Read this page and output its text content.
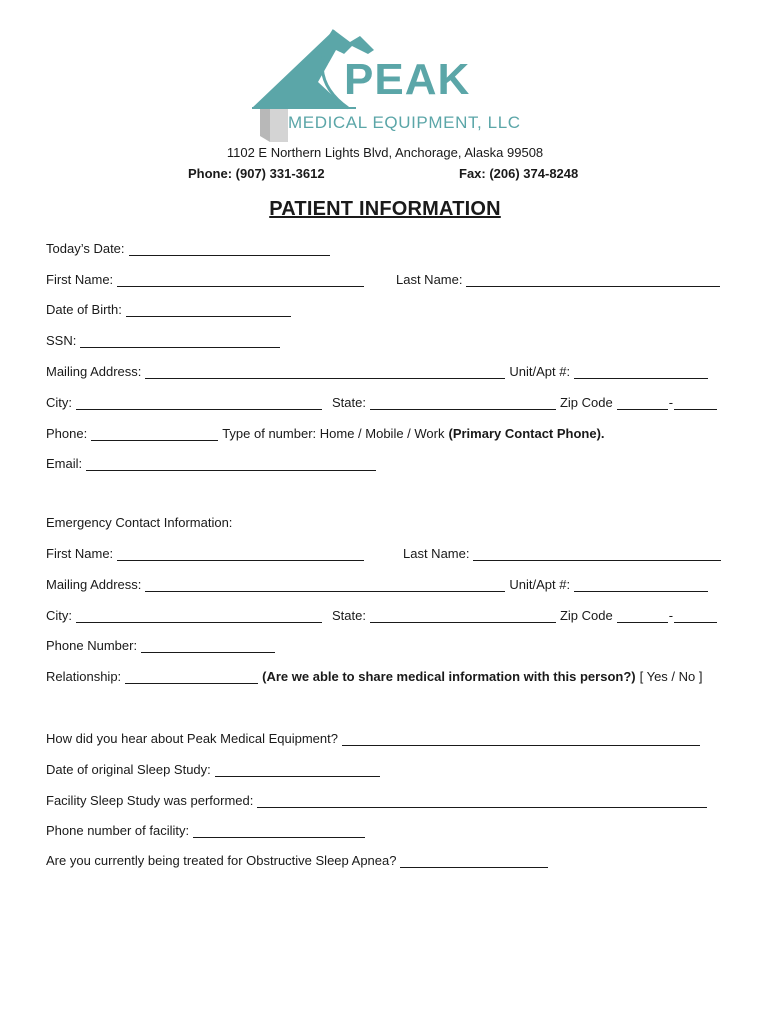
PEAK
MEDICAL EQUIPMENT, LLC
1102 E Northern Lights Blvd, Anchorage, Alaska 99508
Phone: (907) 331-3612	Fax: (206) 374-8248
PATIENT INFORMATION
Today’s Date:
First Name:	Last Name:
Date of Birth:
SSN:
Mailing Address:	Unit/Apt #:
City:	State:	Zip Code	-
Phone:	Type of number: Home / Mobile / Work (Primary Contact Phone).
Email:
Emergency Contact Information:
First Name:	Last Name:
Mailing Address:	Unit/Apt #:
City:	State:	Zip Code	-
Phone Number:
Relationship:	(Are we able to share medical information with this person?) [ Yes / No ]
How did you hear about Peak Medical Equipment?
Date of original Sleep Study:
Facility Sleep Study was performed:
Phone number of facility:
Are you currently being treated for Obstructive Sleep Apnea?
